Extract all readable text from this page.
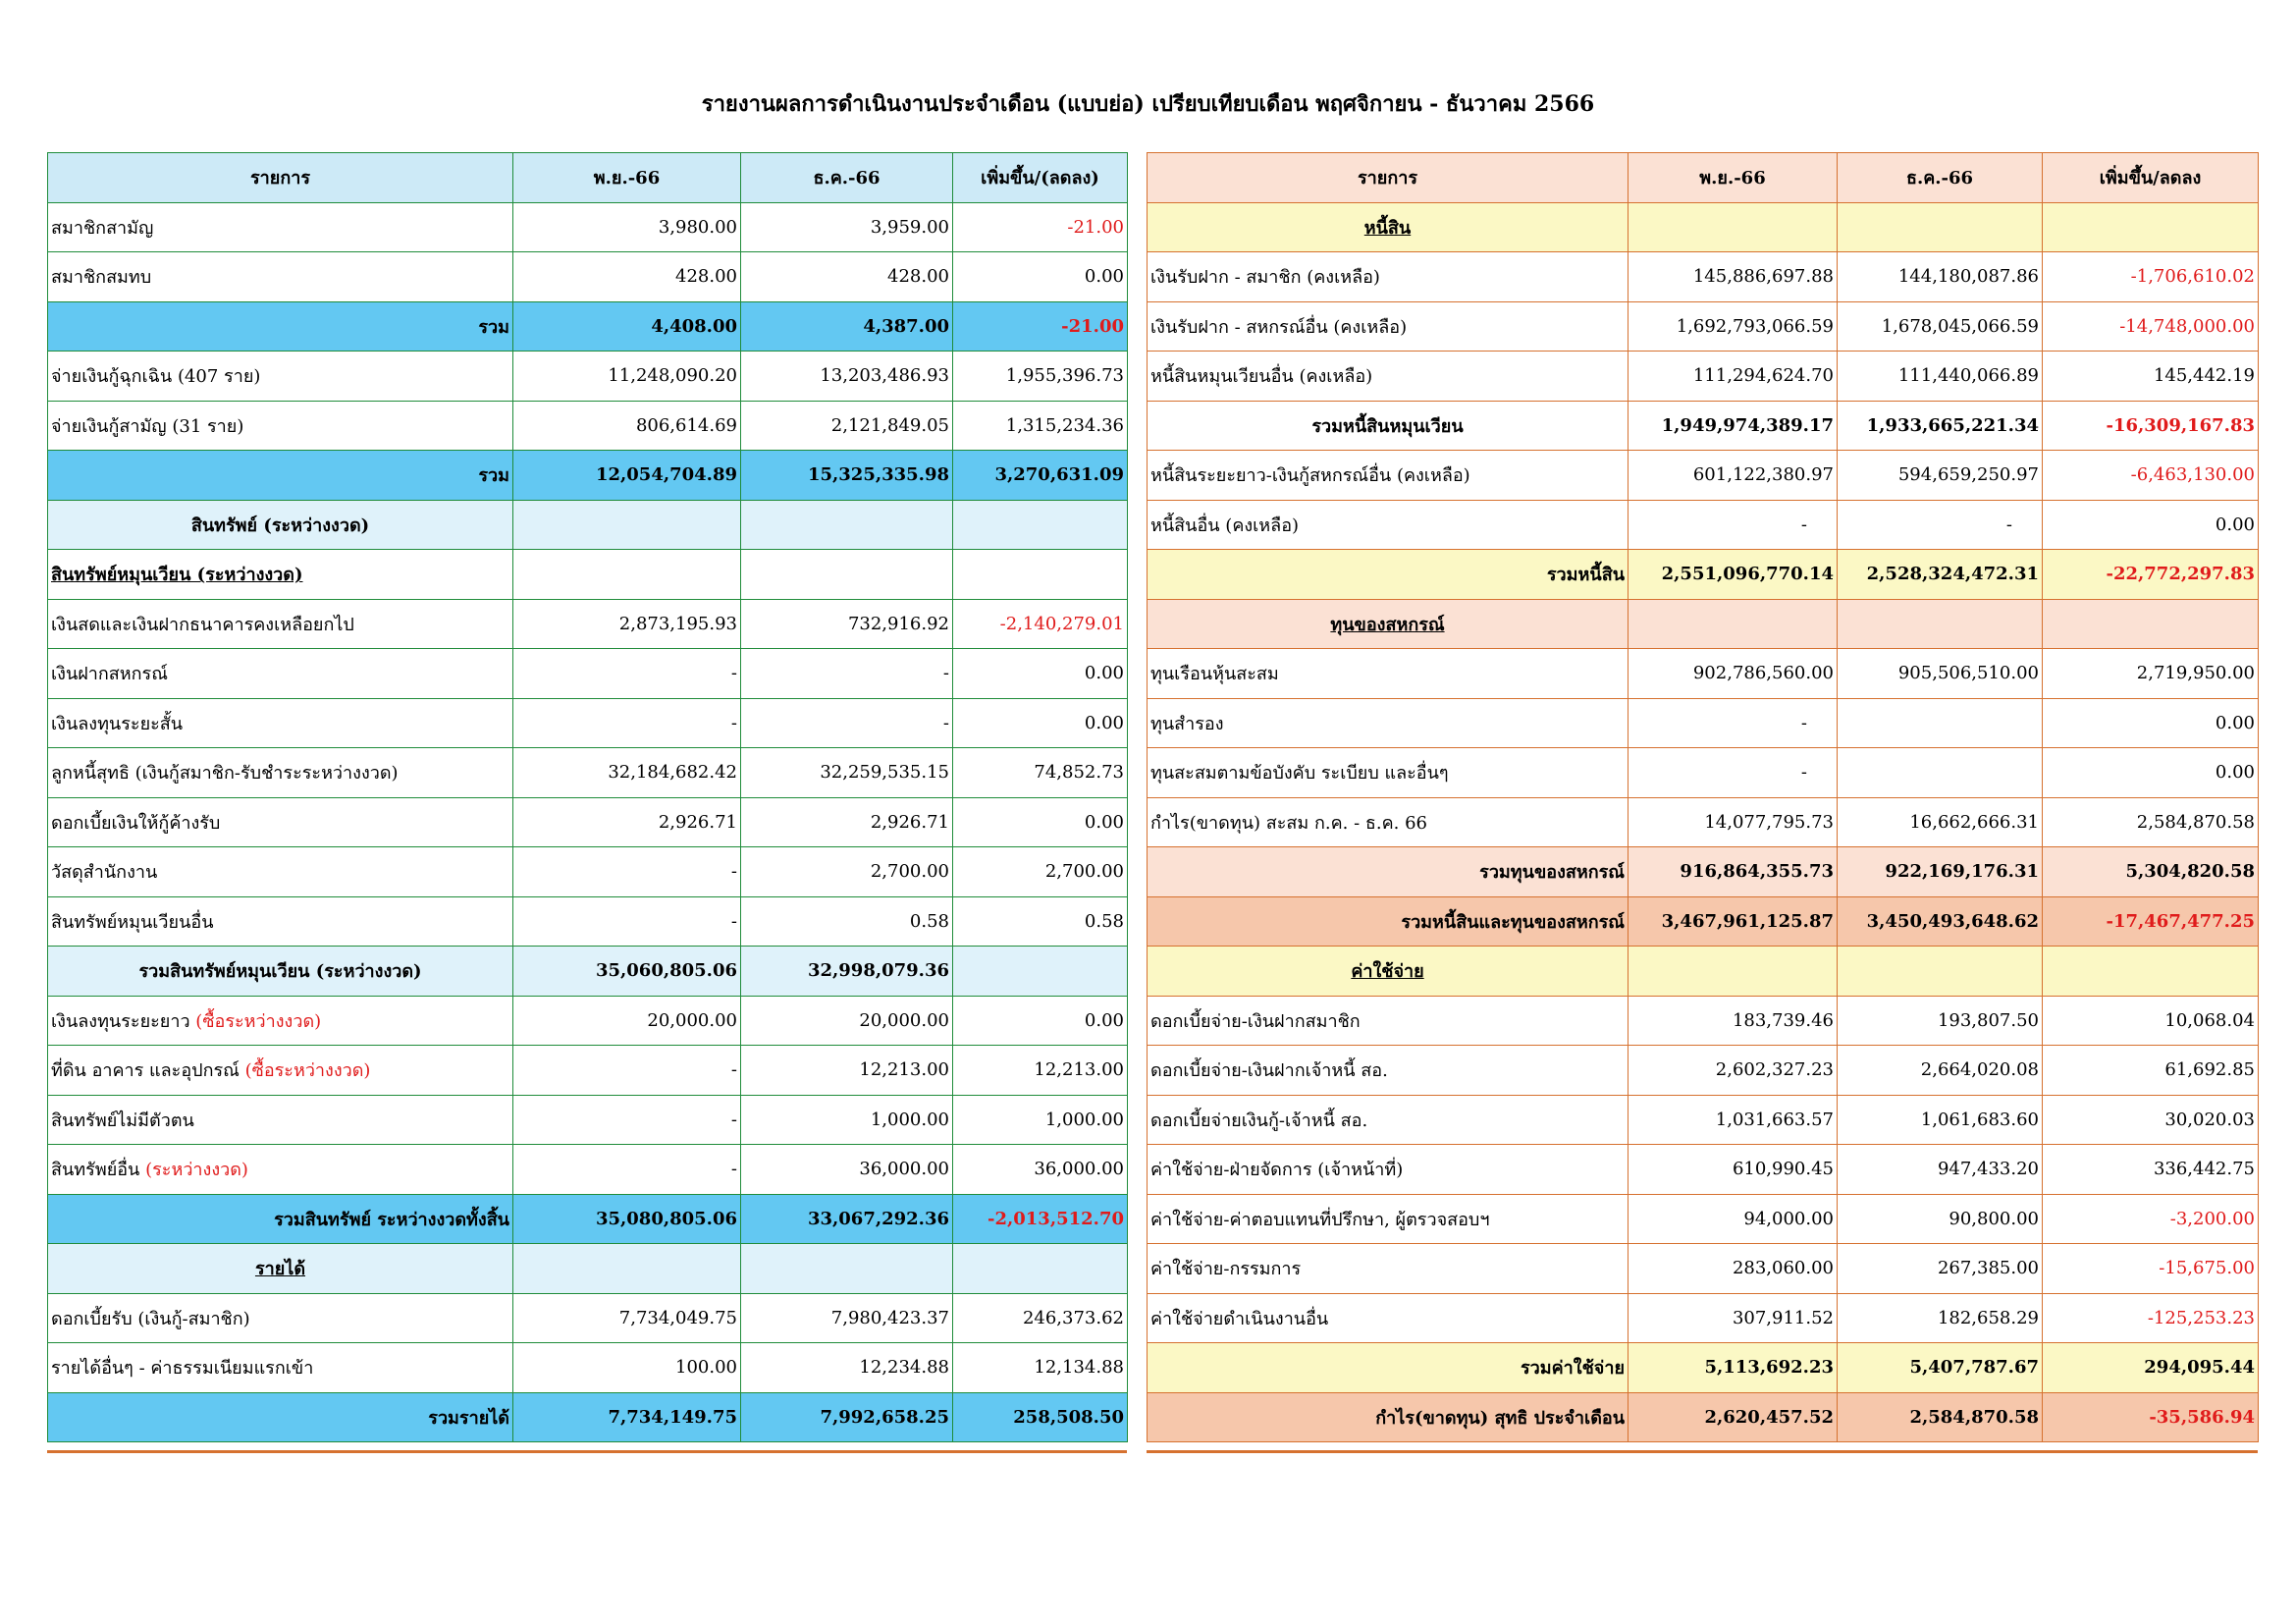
รายงานผลการดำเนินงานประจำเดือน (แบบย่อ) เปรียบเทียบเดือน พฤศจิกายน - ธันวาคม 2566
รายการ	พ.ย.-66	ธ.ค.-66	เพิ่มขึ้น/(ลดลง)
สมาชิกสามัญ	3,980.00	3,959.00	-21.00
สมาชิกสมทบ	428.00	428.00	0.00
รวม	4,408.00	4,387.00	-21.00
จ่ายเงินกู้ฉุกเฉิน (407 ราย)	11,248,090.20	13,203,486.93	1,955,396.73
จ่ายเงินกู้สามัญ (31 ราย)	806,614.69	2,121,849.05	1,315,234.36
รวม	12,054,704.89	15,325,335.98	3,270,631.09
สินทรัพย์ (ระหว่างงวด)			
สินทรัพย์หมุนเวียน (ระหว่างงวด)			
เงินสดและเงินฝากธนาคารคงเหลือยกไป	2,873,195.93	732,916.92	-2,140,279.01
เงินฝากสหกรณ์	-	-	0.00
เงินลงทุนระยะสั้น	-	-	0.00
ลูกหนี้สุทธิ (เงินกู้สมาชิก-รับชำระระหว่างงวด)	32,184,682.42	32,259,535.15	74,852.73
ดอกเบี้ยเงินให้กู้ค้างรับ	2,926.71	2,926.71	0.00
วัสดุสำนักงาน	-	2,700.00	2,700.00
สินทรัพย์หมุนเวียนอื่น	-	0.58	0.58
รวมสินทรัพย์หมุนเวียน (ระหว่างงวด)	35,060,805.06	32,998,079.36	
เงินลงทุนระยะยาว (ซื้อระหว่างงวด)	20,000.00	20,000.00	0.00
ที่ดิน อาคาร และอุปกรณ์ (ซื้อระหว่างงวด)	-	12,213.00	12,213.00
สินทรัพย์ไม่มีตัวตน	-	1,000.00	1,000.00
สินทรัพย์อื่น (ระหว่างงวด)	-	36,000.00	36,000.00
รวมสินทรัพย์ ระหว่างงวดทั้งสิ้น	35,080,805.06	33,067,292.36	-2,013,512.70
รายได้			
ดอกเบี้ยรับ (เงินกู้-สมาชิก)	7,734,049.75	7,980,423.37	246,373.62
รายได้อื่นๆ - ค่าธรรมเนียมแรกเข้า	100.00	12,234.88	12,134.88
รวมรายได้	7,734,149.75	7,992,658.25	258,508.50
รายการ	พ.ย.-66	ธ.ค.-66	เพิ่มขึ้น/ลดลง
หนี้สิน			
เงินรับฝาก - สมาชิก (คงเหลือ)	145,886,697.88	144,180,087.86	-1,706,610.02
เงินรับฝาก - สหกรณ์อื่น (คงเหลือ)	1,692,793,066.59	1,678,045,066.59	-14,748,000.00
หนี้สินหมุนเวียนอื่น (คงเหลือ)	111,294,624.70	111,440,066.89	145,442.19
รวมหนี้สินหมุนเวียน	1,949,974,389.17	1,933,665,221.34	-16,309,167.83
หนี้สินระยะยาว-เงินกู้สหกรณ์อื่น (คงเหลือ)	601,122,380.97	594,659,250.97	-6,463,130.00
หนี้สินอื่น (คงเหลือ)	-	-	0.00
รวมหนี้สิน	2,551,096,770.14	2,528,324,472.31	-22,772,297.83
ทุนของสหกรณ์			
ทุนเรือนหุ้นสะสม	902,786,560.00	905,506,510.00	2,719,950.00
ทุนสำรอง	-		0.00
ทุนสะสมตามข้อบังคับ ระเบียบ และอื่นๆ	-		0.00
กำไร(ขาดทุน) สะสม ก.ค. - ธ.ค. 66	14,077,795.73	16,662,666.31	2,584,870.58
รวมทุนของสหกรณ์	916,864,355.73	922,169,176.31	5,304,820.58
รวมหนี้สินและทุนของสหกรณ์	3,467,961,125.87	3,450,493,648.62	-17,467,477.25
ค่าใช้จ่าย			
ดอกเบี้ยจ่าย-เงินฝากสมาชิก	183,739.46	193,807.50	10,068.04
ดอกเบี้ยจ่าย-เงินฝากเจ้าหนี้ สอ.	2,602,327.23	2,664,020.08	61,692.85
ดอกเบี้ยจ่ายเงินกู้-เจ้าหนี้ สอ.	1,031,663.57	1,061,683.60	30,020.03
ค่าใช้จ่าย-ฝ่ายจัดการ (เจ้าหน้าที่)	610,990.45	947,433.20	336,442.75
ค่าใช้จ่าย-ค่าตอบแทนที่ปรึกษา, ผู้ตรวจสอบฯ	94,000.00	90,800.00	-3,200.00
ค่าใช้จ่าย-กรรมการ	283,060.00	267,385.00	-15,675.00
ค่าใช้จ่ายดำเนินงานอื่น	307,911.52	182,658.29	-125,253.23
รวมค่าใช้จ่าย	5,113,692.23	5,407,787.67	294,095.44
กำไร(ขาดทุน) สุทธิ ประจำเดือน	2,620,457.52	2,584,870.58	-35,586.94
